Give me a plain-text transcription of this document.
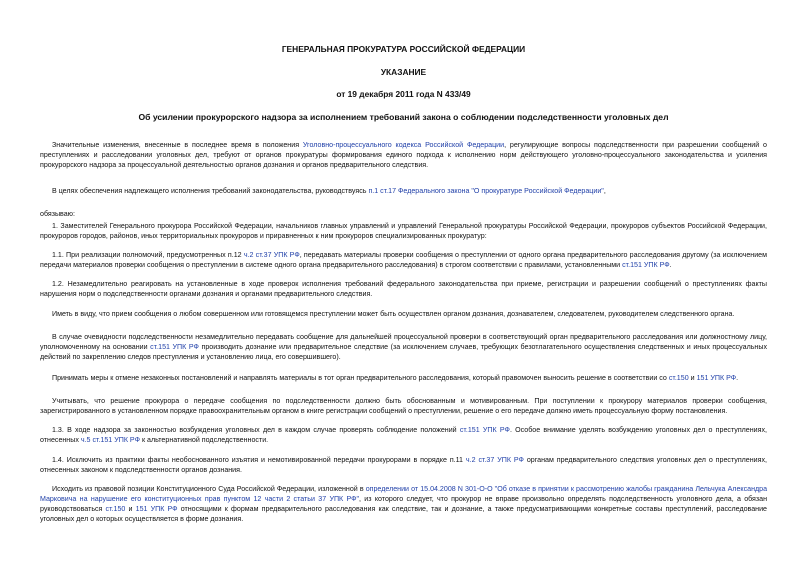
ГЕНЕРАЛЬНАЯ ПРОКУРАТУРА РОССИЙСКОЙ ФЕДЕРАЦИИ
УКАЗАНИЕ
от 19 декабря 2011 года N 433/49
Об усилении прокурорского надзора за исполнением требований закона о соблюдении подследственности уголовных дел
Значительные изменения, внесенные в последнее время в положения Уголовно-процессуального кодекса Российской Федерации, регулирующие вопросы подследственности при разрешении сообщений о преступлениях и расследовании уголовных дел, требуют от органов прокуратуры формирования единого подхода к исполнению норм действующего уголовно-процессуального законодательства и усиления прокурорского надзора за процессуальной деятельностью органов дознания и органов предварительного следствия.
В целях обеспечения надлежащего исполнения требований законодательства, руководствуясь п.1 ст.17 Федерального закона "О прокуратуре Российской Федерации",
обязываю:
1. Заместителей Генерального прокурора Российской Федерации, начальников главных управлений и управлений Генеральной прокуратуры Российской Федерации, прокуроров субъектов Российской Федерации, прокуроров городов, районов, иных территориальных прокуроров и приравненных к ним прокуроров специализированных прокуратур:
1.1. При реализации полномочий, предусмотренных п.12 ч.2 ст.37 УПК РФ, передавать материалы проверки сообщения о преступлении от одного органа предварительного расследования другому (за исключением передачи материалов проверки сообщения о преступлении в системе одного органа предварительного расследования) в строгом соответствии с правилами, установленными ст.151 УПК РФ.
1.2. Незамедлительно реагировать на установленные в ходе проверок исполнения требований федерального законодательства при приеме, регистрации и разрешении сообщений о преступлениях факты нарушения норм о подследственности органами дознания и органами предварительного следствия.
Иметь в виду, что прием сообщения о любом совершенном или готовящемся преступлении может быть осуществлен органом дознания, дознавателем, следователем, руководителем следственного органа.
В случае очевидности подследственности незамедлительно передавать сообщение для дальнейшей процессуальной проверки в соответствующий орган предварительного расследования или должностному лицу, уполномоченному на основании ст.151 УПК РФ производить дознание или предварительное следствие (за исключением случаев, требующих безотлагательного осуществления следственных и иных процессуальных действий по закреплению следов преступления и установлению лица, его совершившего).
Принимать меры к отмене незаконных постановлений и направлять материалы в тот орган предварительного расследования, который правомочен выносить решение в соответствии со ст.150 и 151 УПК РФ.
Учитывать, что решение прокурора о передаче сообщения по подследственности должно быть обоснованным и мотивированным. При поступлении к прокурору материалов проверки сообщения, зарегистрированного в установленном порядке правоохранительным органом в книге регистрации сообщений о преступлении, решение о его передаче должно иметь процессуальную форму постановления.
1.3. В ходе надзора за законностью возбуждения уголовных дел в каждом случае проверять соблюдение положений ст.151 УПК РФ. Особое внимание уделять возбуждению уголовных дел о преступлениях, отнесенных ч.5 ст.151 УПК РФ к альтернативной подследственности.
1.4. Исключить из практики факты необоснованного изъятия и немотивированной передачи прокурорами в порядке п.11 ч.2 ст.37 УПК РФ органам предварительного следствия уголовных дел о преступлениях, отнесенных законом к подследственности органов дознания.
Исходить из правовой позиции Конституционного Суда Российской Федерации, изложенной в определении от 15.04.2008 N 301-О-О "Об отказе в принятии к рассмотрению жалобы гражданина Лельчука Александра Марковича на нарушение его конституционных прав пунктом 12 части 2 статьи 37 УПК РФ", из которого следует, что прокурор не вправе произвольно определять подследственность уголовного дела, а обязан руководствоваться ст.150 и 151 УПК РФ относящими к формам предварительного расследования как следствие, так и дознание, а также предусматривающими конкретные составы преступлений, расследование уголовных дел о которых осуществляется в форме дознания.
